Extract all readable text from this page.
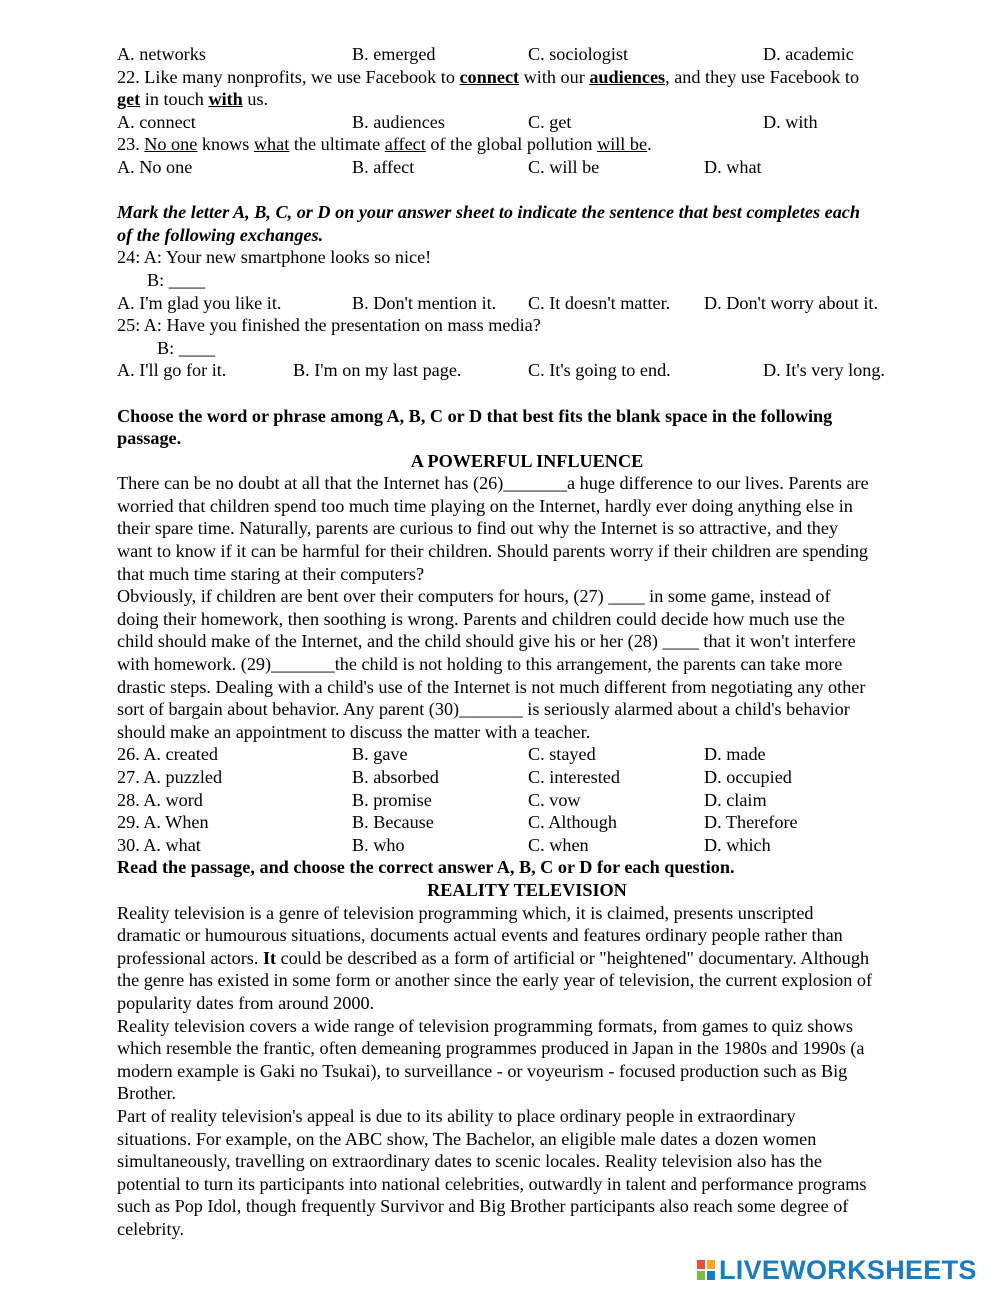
A. networks	B. emerged	C. sociologist	D. academic
22. Like many nonprofits, we use Facebook to connect with our audiences, and they use Facebook to
get in touch with us.
A. connect	B. audiences	C. get	D. with
23. No one knows what the ultimate affect of the global pollution will be.
A. No one	B. affect	C. will be	D. what
Mark the letter A, B, C, or D on your answer sheet to indicate the sentence that best completes each
of the following exchanges.
24: A: Your new smartphone looks so nice!
B: ____
A. I'm glad you like it.	B. Don't mention it. C. It doesn't matter. D. Don't worry about it.
25: A: Have you finished the presentation on mass media?
B: ____
A. I'll go for it.	B. I'm on my last page.	C. It's going to end.	D. It's very long.
Choose the word or phrase among A, B, C or D that best fits the blank space in the following
passage.
A POWERFUL INFLUENCE
There can be no doubt at all that the Internet has (26)_______a huge difference to our lives. Parents are
worried that children spend too much time playing on the Internet, hardly ever doing anything else in
their spare time. Naturally, parents are curious to find out why the Internet is so attractive, and they
want to know if it can be harmful for their children. Should parents worry if their children are spending
that much time staring at their computers?
Obviously, if children are bent over their computers for hours, (27) ____ in some game, instead of
doing their homework, then soothing is wrong. Parents and children could decide how much use the
child should make of the Internet, and the child should give his or her (28) ____ that it won't interfere
with homework. (29)_______the child is not holding to this arrangement, the parents can take more
drastic steps. Dealing with a child's use of the Internet is not much different from negotiating any other
sort of bargain about behavior. Any parent (30)_______ is seriously alarmed about a child's behavior
should make an appointment to discuss the matter with a teacher.
26. A. created	B. gave	C. stayed	D. made
27. A. puzzled	B. absorbed	C. interested	D. occupied
28. A. word	B. promise	C. vow	D. claim
29. A. When	B. Because	C. Although	D. Therefore
30. A. what	B. who	C. when	D. which
Read the passage, and choose the correct answer A, B, C or D for each question.
REALITY TELEVISION
Reality television is a genre of television programming which, it is claimed, presents unscripted
dramatic or humourous situations, documents actual events and features ordinary people rather than
professional actors. It could be described as a form of artificial or "heightened" documentary. Although
the genre has existed in some form or another since the early year of television, the current explosion of
popularity dates from around 2000.
Reality television covers a wide range of television programming formats, from games to quiz shows
which resemble the frantic, often demeaning programmes produced in Japan in the 1980s and 1990s (a
modern example is Gaki no Tsukai), to surveillance - or voyeurism - focused production such as Big
Brother.
Part of reality television's appeal is due to its ability to place ordinary people in extraordinary
situations. For example, on the ABC show, The Bachelor, an eligible male dates a dozen women
simultaneously, travelling on extraordinary dates to scenic locales. Reality television also has the
potential to turn its participants into national celebrities, outwardly in talent and performance programs
such as Pop Idol, though frequently Survivor and Big Brother participants also reach some degree of
celebrity.
LIVEWORKSHEETS
